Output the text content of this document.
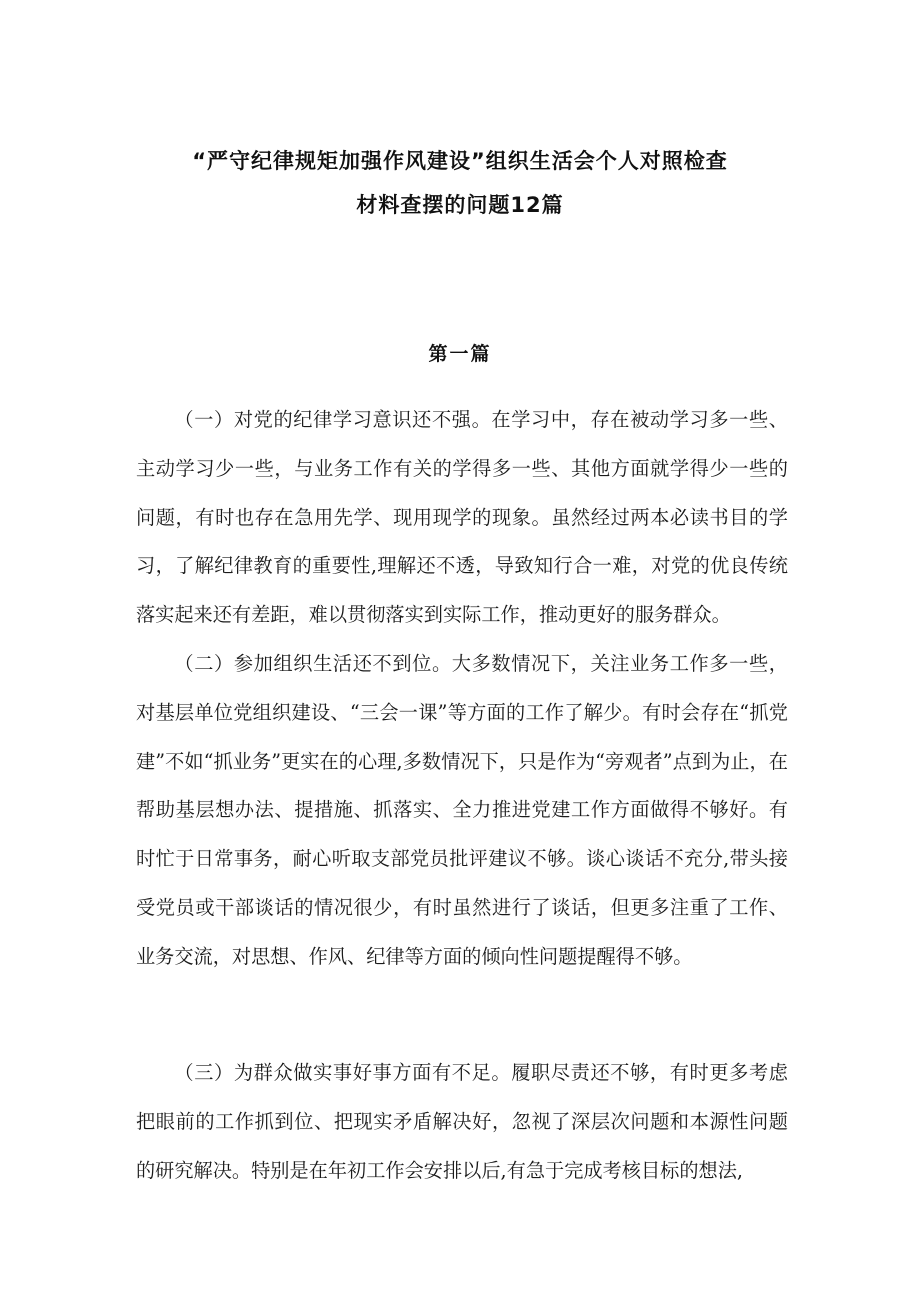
“严守纪律规矩加强作风建设”组织生活会个人对照检查
材料查摆的问题12篇
第一篇

（一）对党的纪律学习意识还不强。在学习中，存在被动学习多一些、主动学习少一些，与业务工作有关的学得多一些、其他方面就学得少一些的问题，有时也存在急用先学、现用现学的现象。虽然经过两本必读书目的学习，了解纪律教育的重要性,理解还不透，导致知行合一难，对党的优良传统落实起来还有差距，难以贯彻落实到实际工作，推动更好的服务群众。

（二）参加组织生活还不到位。大多数情况下，关注业务工作多一些，对基层单位党组织建设、“三会一课”等方面的工作了解少。有时会存在“抓党建”不如“抓业务”更实在的心理,多数情况下，只是作为“旁观者”点到为止，在帮助基层想办法、提措施、抓落实、全力推进党建工作方面做得不够好。有时忙于日常事务，耐心听取支部党员批评建议不够。谈心谈话不充分,带头接受党员或干部谈话的情况很少，有时虽然进行了谈话，但更多注重了工作、业务交流，对思想、作风、纪律等方面的倾向性问题提醒得不够。

（三）为群众做实事好事方面有不足。履职尽责还不够，有时更多考虑把眼前的工作抓到位、把现实矛盾解决好，忽视了深层次问题和本源性问题的研究解决。特别是在年初工作会安排以后,有急于完成考核目标的想法,
